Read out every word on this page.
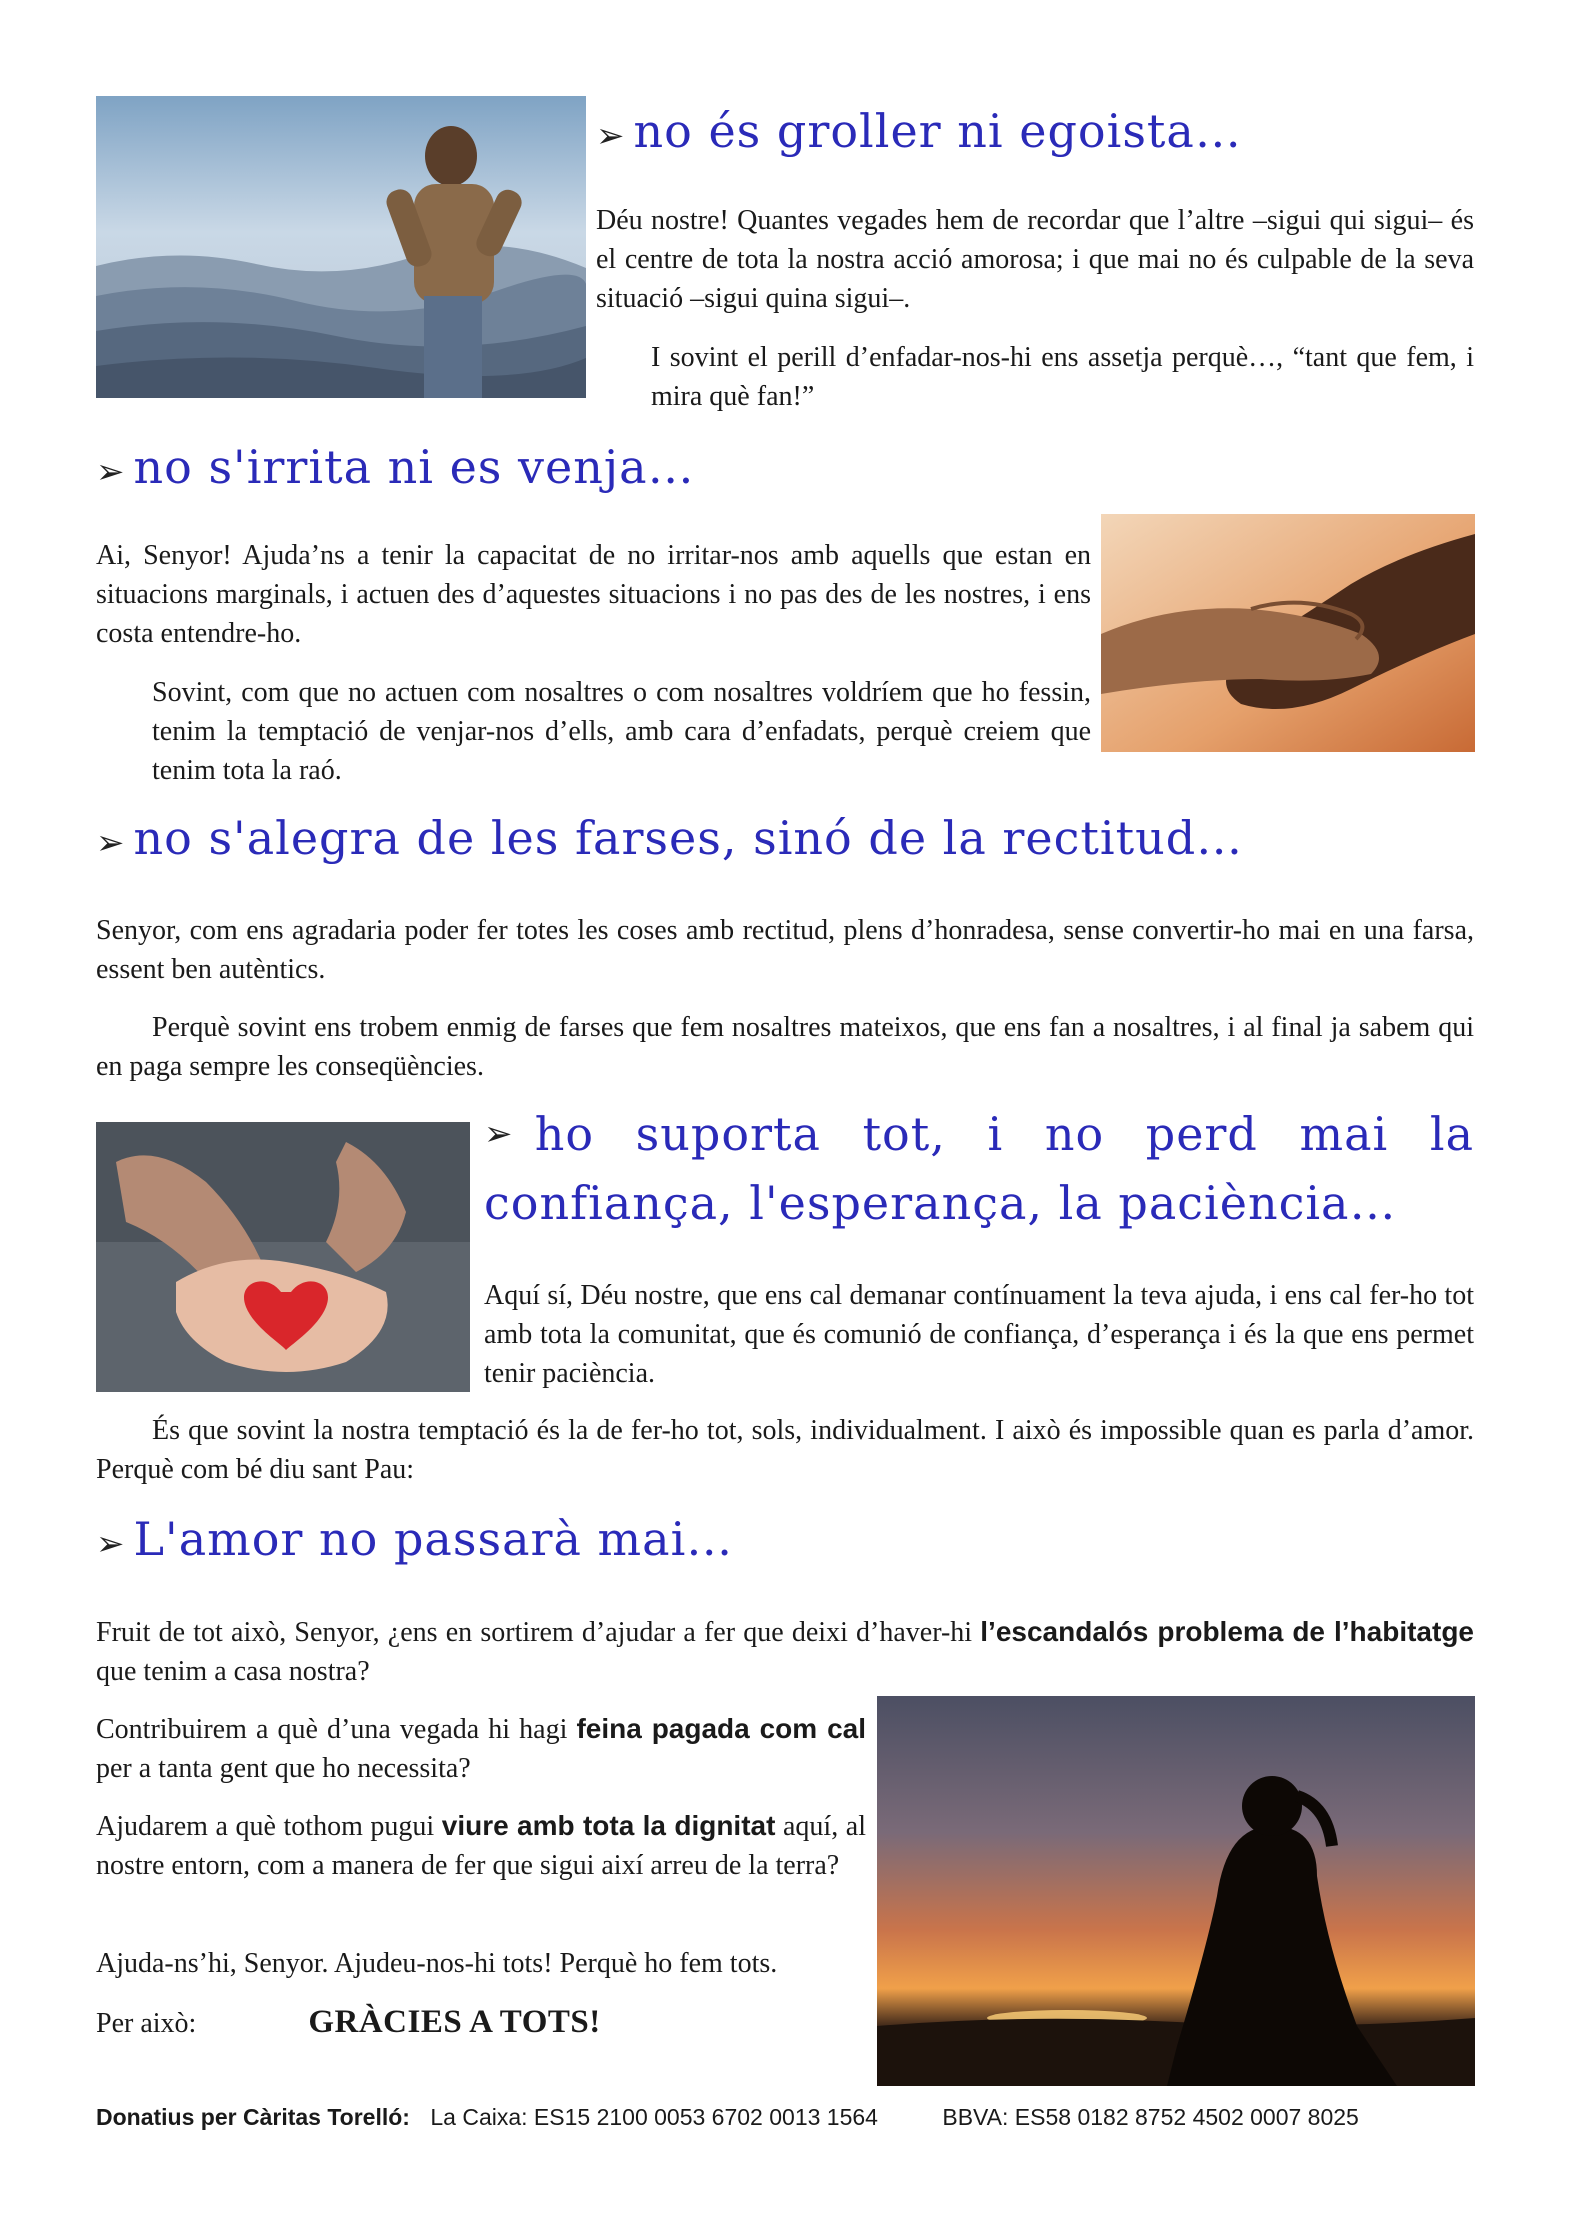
➢ no és groller ni egoista…

Déu nostre! Quantes vegades hem de recordar que l’altre –sigui qui sigui– és el centre de tota la nostra acció amorosa; i que mai no és culpable de la seva situació –sigui quina sigui–.

I sovint el perill d’enfadar-nos-hi ens assetja perquè…, “tant que fem, i mira què fan!”

➢ no s'irrita ni es venja…

Ai, Senyor! Ajuda’ns a tenir la capacitat de no irritar-nos amb aquells que estan en situacions marginals, i actuen des d’aquestes situacions i no pas des de les nostres, i ens costa entendre-ho.

Sovint, com que no actuen com nosaltres o com nosaltres voldríem que ho fessin, tenim la temptació de venjar-nos d’ells, amb cara d’enfadats, perquè creiem que tenim tota la raó.

➢ no s'alegra de les farses, sinó de la rectitud…

Senyor, com ens agradaria poder fer totes les coses amb rectitud, plens d’honradesa, sense convertir-ho mai en una farsa, essent ben autèntics.

Perquè sovint ens trobem enmig de farses que fem nosaltres mateixos, que ens fan a nosaltres, i al final ja sabem qui en paga sempre les conseqüències.

➢ ho suporta tot, i no perd mai la
confiança, l'esperança, la paciència…

Aquí sí, Déu nostre, que ens cal demanar contínuament la teva ajuda, i ens cal fer-ho tot amb tota la comunitat, que és comunió de confiança, d’esperança i és la que ens permet tenir paciència.

És que sovint la nostra temptació és la de fer-ho tot, sols, individualment. I això és impossible quan es parla d’amor. Perquè com bé diu sant Pau:

➢ L'amor no passarà mai…

Fruit de tot això, Senyor, ¿ens en sortirem d’ajudar a fer que deixi d’haver-hi l’escandalós problema de l’habitatge que tenim a casa nostra?

Contribuirem a què d’una vegada hi hagi feina pagada com cal per a tanta gent que ho necessita?

Ajudarem a què tothom pugui viure amb tota la dignitat aquí, al nostre entorn, com a manera de fer que sigui així arreu de la terra?

Ajuda-ns’hi, Senyor. Ajudeu-nos-hi tots! Perquè ho fem tots.

Per això:	GRÀCIES A TOTS!
Donatius per Càritas Torelló: La Caixa: ES15 2100 0053 6702 0013 1564	BBVA: ES58 0182 8752 4502 0007 8025
